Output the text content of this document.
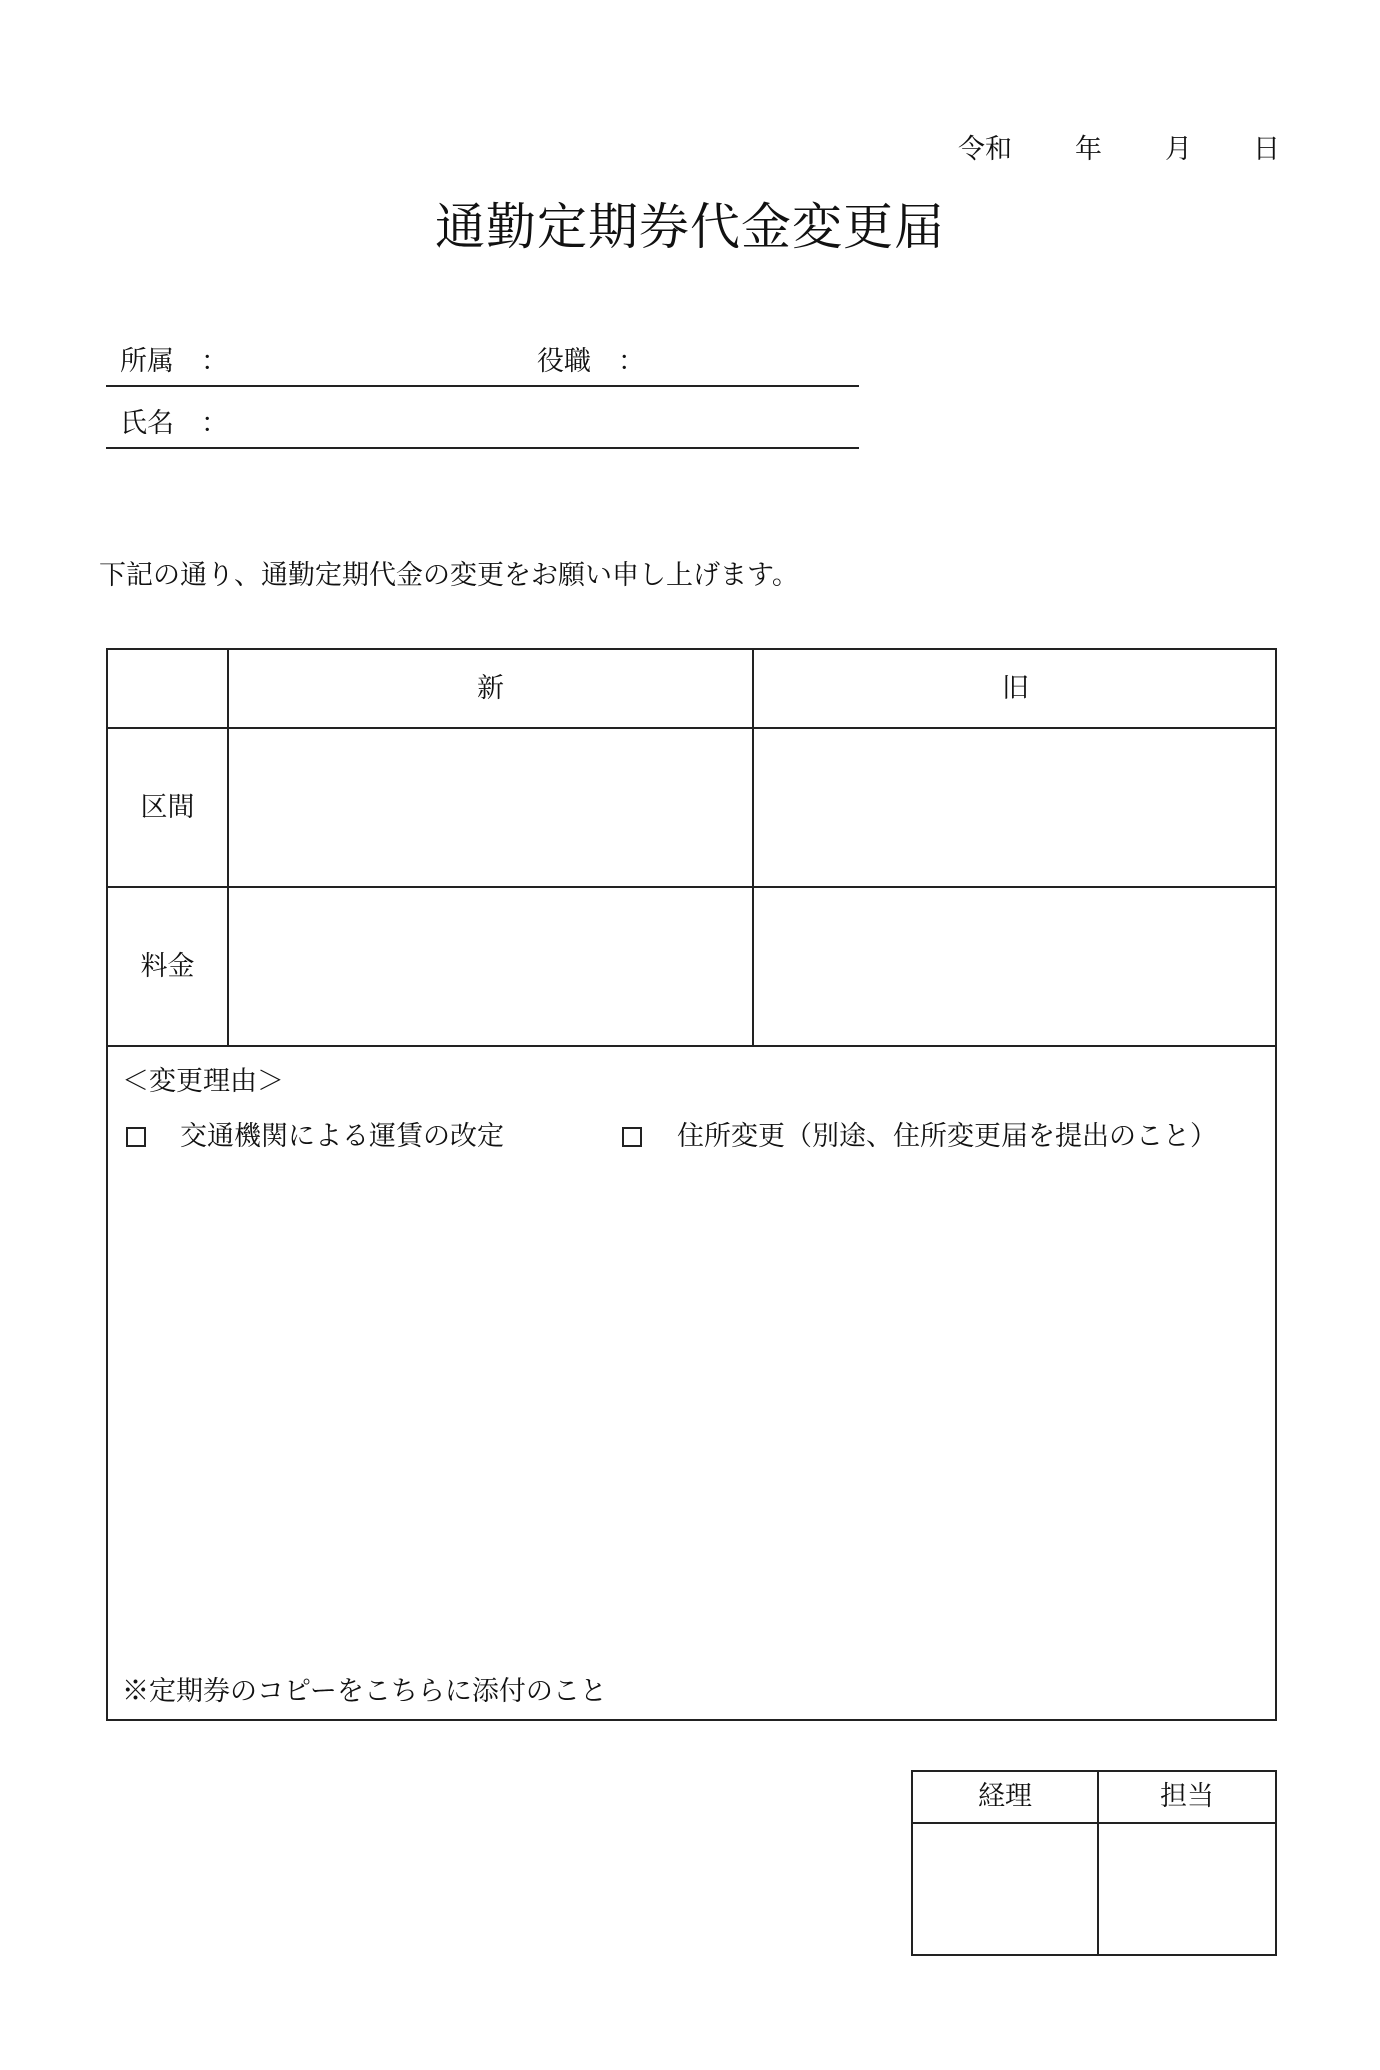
令和 年 月 日
通勤定期券代金変更届
所属　：	役職　：
氏名　：
下記の通り、通勤定期代金の変更をお願い申し上げます。
新	旧
区間
料金
＜変更理由＞
交通機関による運賃の改定	住所変更（別途、住所変更届を提出のこと）
※定期券のコピーをこちらに添付のこと
経理	担当
